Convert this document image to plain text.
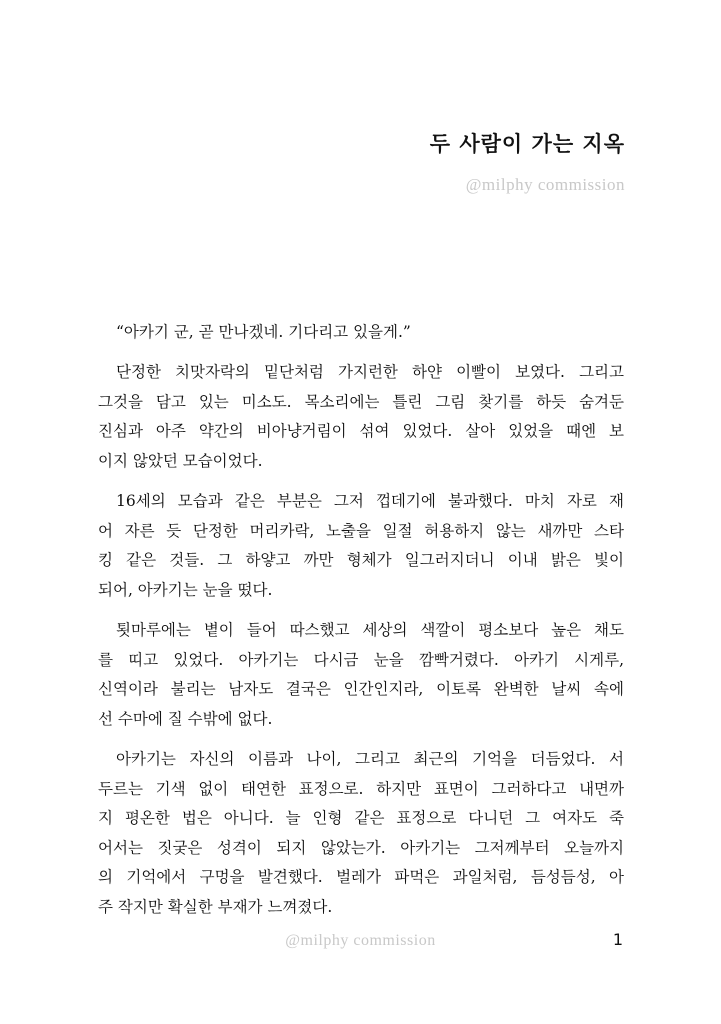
두 사람이 가는 지옥
@milphy commission

“아카기 군, 곧 만나겠네. 기다리고 있을게.”

단정한 치맛자락의 밑단처럼 가지런한 하얀 이빨이 보였다. 그리고
그것을 담고 있는 미소도. 목소리에는 틀린 그림 찾기를 하듯 숨겨둔
진심과 아주 약간의 비아냥거림이 섞여 있었다. 살아 있었을 때엔 보
이지 않았던 모습이었다.
16세의 모습과 같은 부분은 그저 껍데기에 불과했다. 마치 자로 재
어 자른 듯 단정한 머리카락, 노출을 일절 허용하지 않는 새까만 스타
킹 같은 것들. 그 하얗고 까만 형체가 일그러지더니 이내 밝은 빛이
되어, 아카기는 눈을 떴다.
툇마루에는 볕이 들어 따스했고 세상의 색깔이 평소보다 높은 채도
를 띠고 있었다. 아카기는 다시금 눈을 깜빡거렸다. 아카기 시게루,
신역이라 불리는 남자도 결국은 인간인지라, 이토록 완벽한 날씨 속에
선 수마에 질 수밖에 없다.
아카기는 자신의 이름과 나이, 그리고 최근의 기억을 더듬었다. 서
두르는 기색 없이 태연한 표정으로. 하지만 표면이 그러하다고 내면까
지 평온한 법은 아니다. 늘 인형 같은 표정으로 다니던 그 여자도 죽
어서는 짓궂은 성격이 되지 않았는가. 아카기는 그저께부터 오늘까지
의 기억에서 구멍을 발견했다. 벌레가 파먹은 과일처럼, 듬성듬성, 아
주 작지만 확실한 부재가 느껴졌다.
@milphy commission	1
